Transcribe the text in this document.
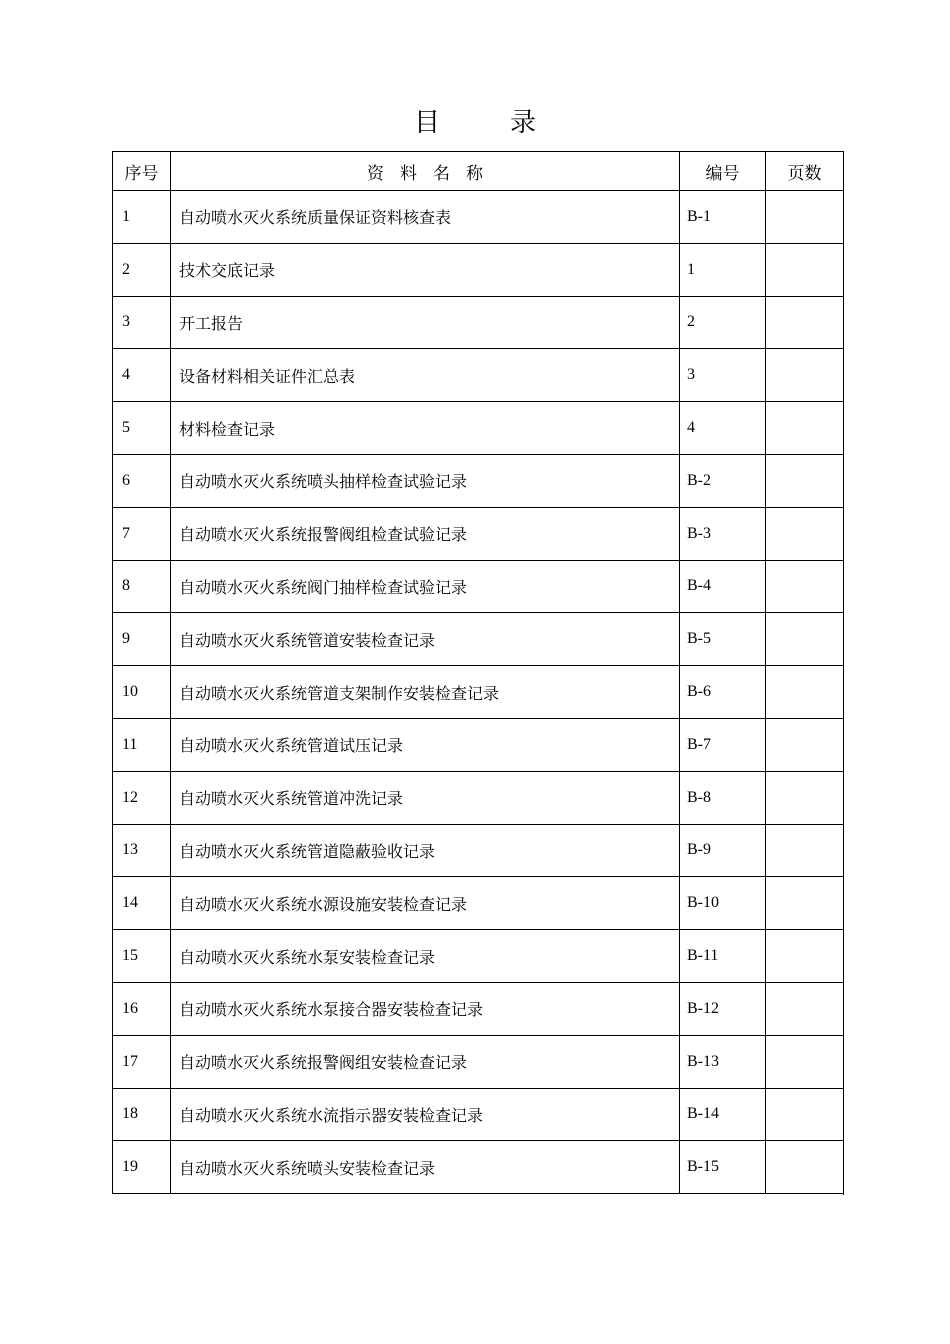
目	录
序号	资料名称	编号	页数
1	自动喷水灭火系统质量保证资料核查表	B-1	
2	技术交底记录	1	
3	开工报告	2	
4	设备材料相关证件汇总表	3	
5	材料检查记录	4	
6	自动喷水灭火系统喷头抽样检查试验记录	B-2	
7	自动喷水灭火系统报警阀组检查试验记录	B-3	
8	自动喷水灭火系统阀门抽样检查试验记录	B-4	
9	自动喷水灭火系统管道安装检查记录	B-5	
10	自动喷水灭火系统管道支架制作安装检查记录	B-6	
11	自动喷水灭火系统管道试压记录	B-7	
12	自动喷水灭火系统管道冲洗记录	B-8	
13	自动喷水灭火系统管道隐蔽验收记录	B-9	
14	自动喷水灭火系统水源设施安装检查记录	B-10	
15	自动喷水灭火系统水泵安装检查记录	B-11	
16	自动喷水灭火系统水泵接合器安装检查记录	B-12	
17	自动喷水灭火系统报警阀组安装检查记录	B-13	
18	自动喷水灭火系统水流指示器安装检查记录	B-14	
19	自动喷水灭火系统喷头安装检查记录	B-15	
